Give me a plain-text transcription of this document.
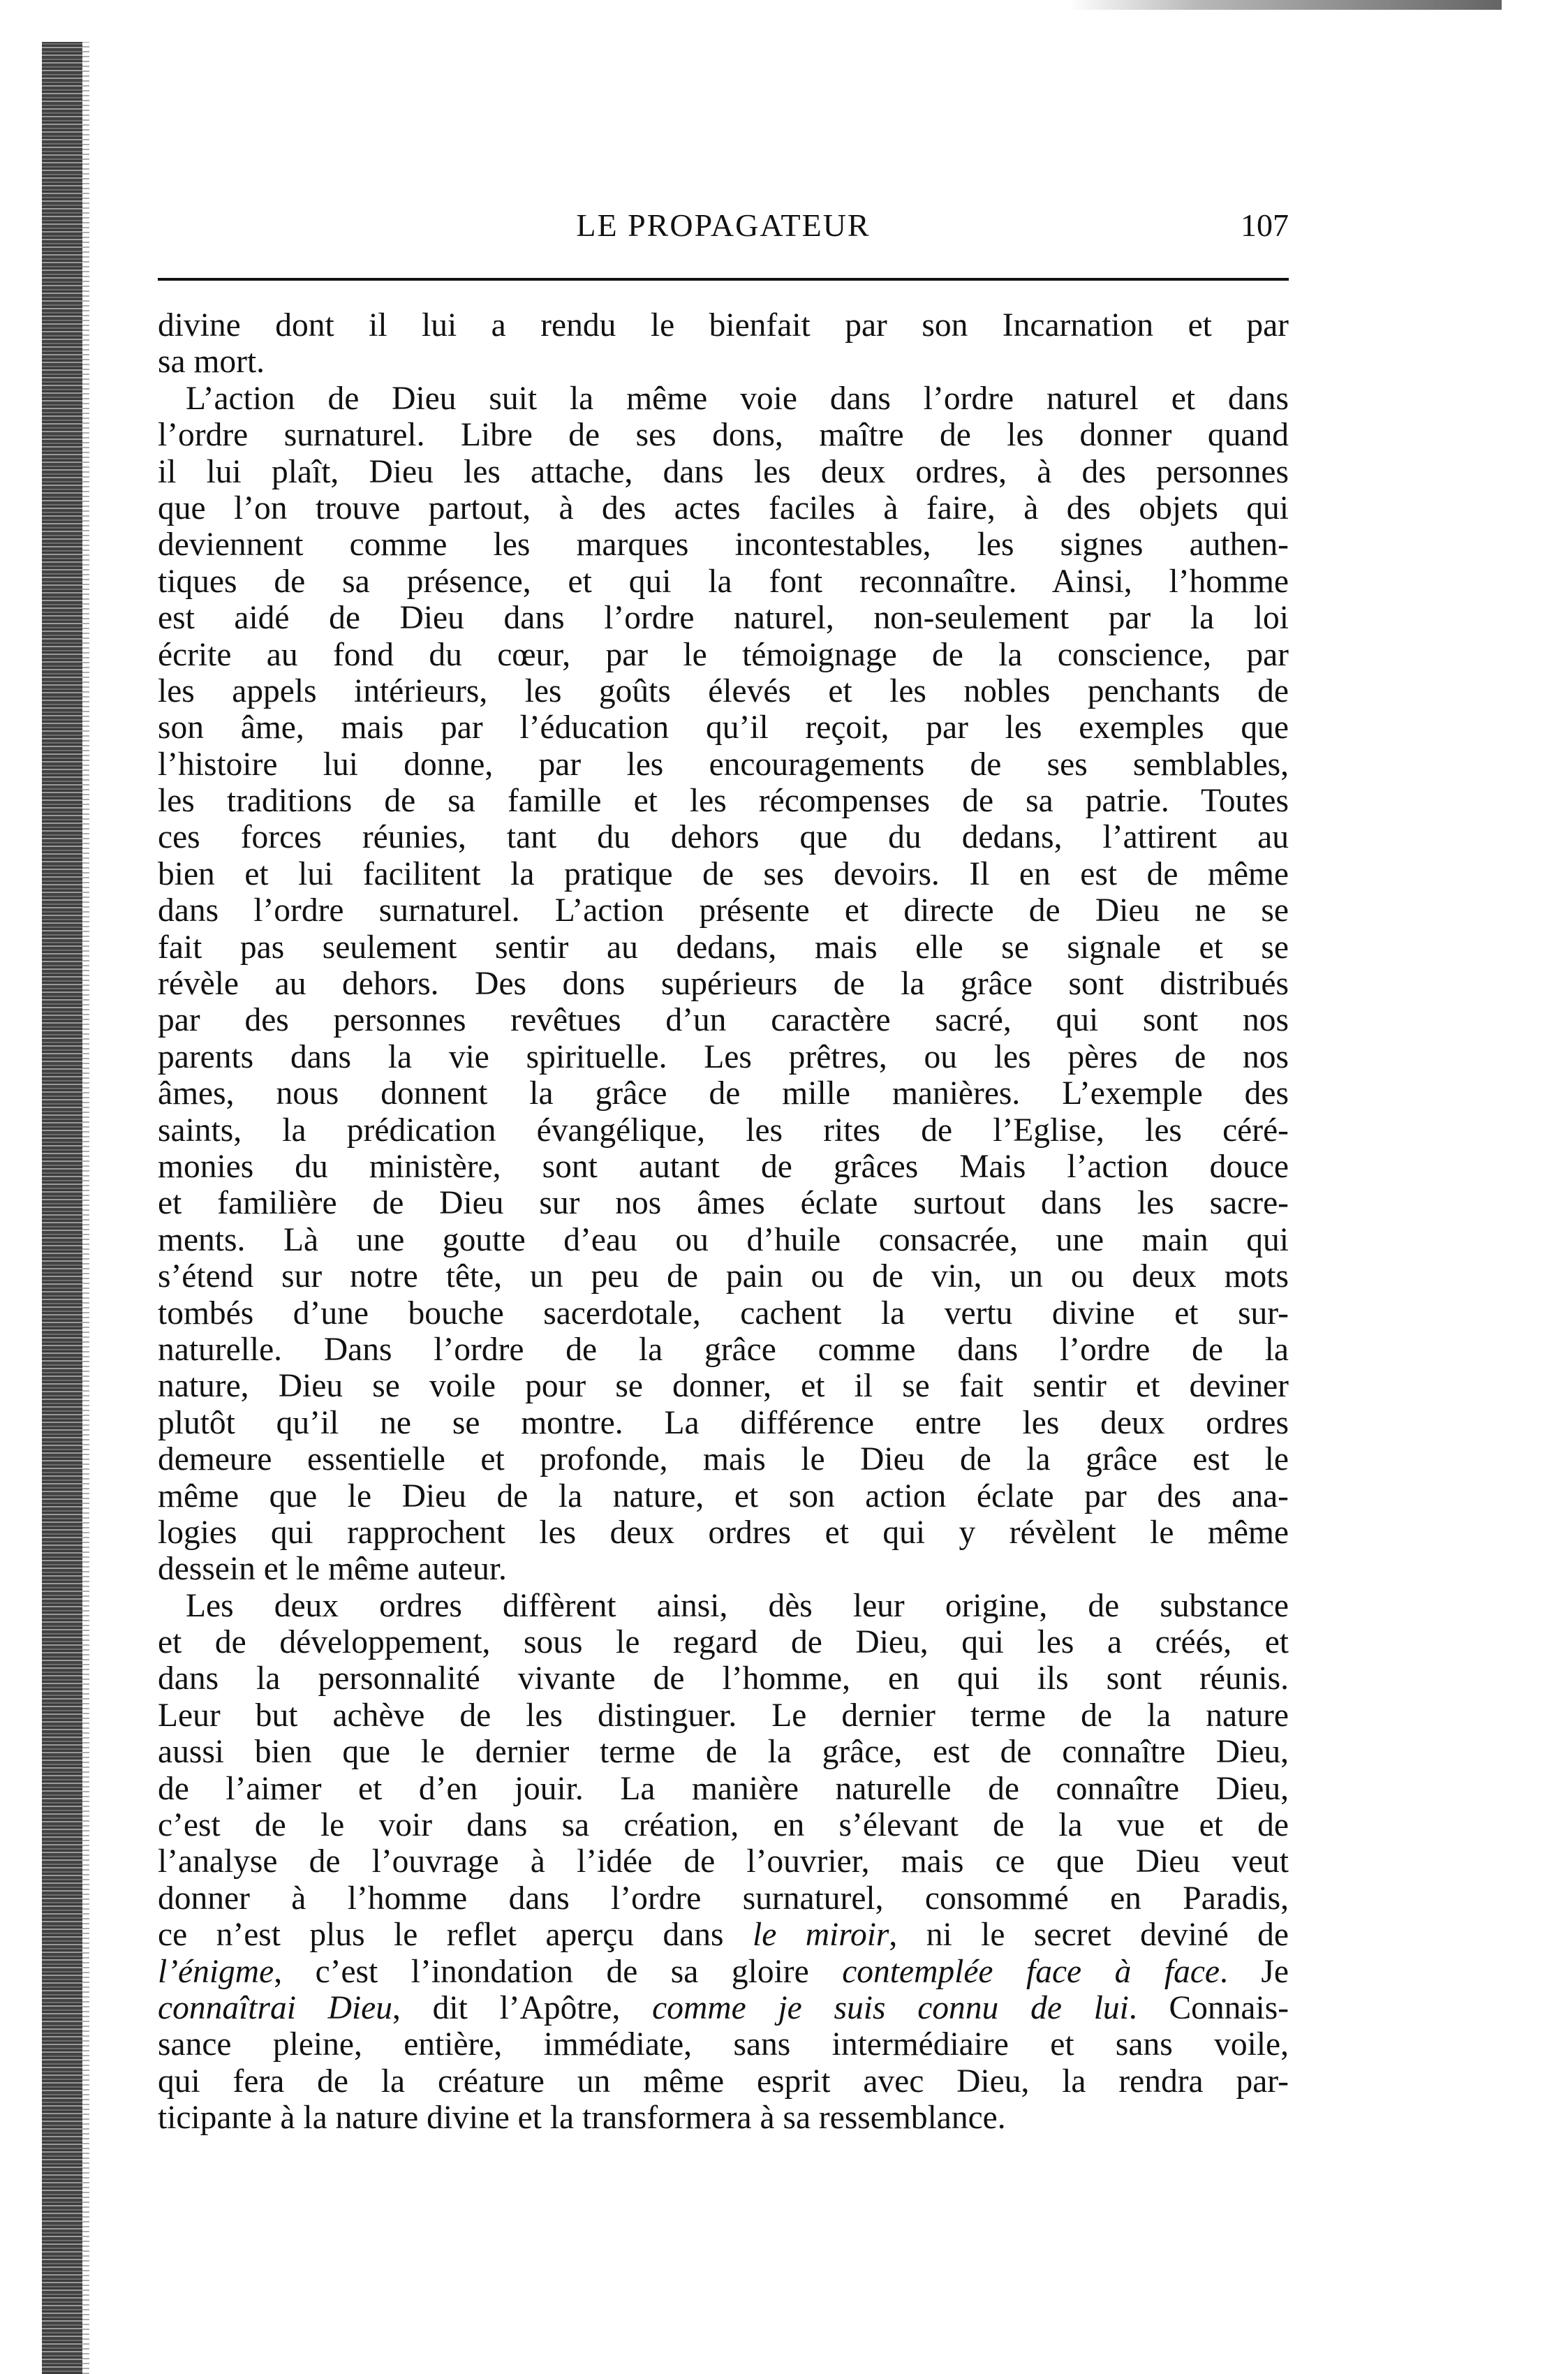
LE PROPAGATEUR	107
divine dont il lui a rendu le bienfait par son Incarnation et par
sa mort.
L’action de Dieu suit la même voie dans l’ordre naturel et dans
l’ordre surnaturel. Libre de ses dons, maître de les donner quand
il lui plaît, Dieu les attache, dans les deux ordres, à des personnes
que l’on trouve partout, à des actes faciles à faire, à des objets qui
deviennent comme les marques incontestables, les signes authen-
tiques de sa présence, et qui la font reconnaître. Ainsi, l’homme
est aidé de Dieu dans l’ordre naturel, non-seulement par la loi
écrite au fond du cœur, par le témoignage de la conscience, par
les appels intérieurs, les goûts élevés et les nobles penchants de
son âme, mais par l’éducation qu’il reçoit, par les exemples que
l’histoire lui donne, par les encouragements de ses semblables,
les traditions de sa famille et les récompenses de sa patrie. Toutes
ces forces réunies, tant du dehors que du dedans, l’attirent au
bien et lui facilitent la pratique de ses devoirs. Il en est de même
dans l’ordre surnaturel. L’action présente et directe de Dieu ne se
fait pas seulement sentir au dedans, mais elle se signale et se
révèle au dehors. Des dons supérieurs de la grâce sont distribués
par des personnes revêtues d’un caractère sacré, qui sont nos
parents dans la vie spirituelle. Les prêtres, ou les pères de nos
âmes, nous donnent la grâce de mille manières. L’exemple des
saints, la prédication évangélique, les rites de l’Eglise, les céré-
monies du ministère, sont autant de grâces Mais l’action douce
et familière de Dieu sur nos âmes éclate surtout dans les sacre-
ments. Là une goutte d’eau ou d’huile consacrée, une main qui
s’étend sur notre tête, un peu de pain ou de vin, un ou deux mots
tombés d’une bouche sacerdotale, cachent la vertu divine et sur-
naturelle. Dans l’ordre de la grâce comme dans l’ordre de la
nature, Dieu se voile pour se donner, et il se fait sentir et deviner
plutôt qu’il ne se montre. La différence entre les deux ordres
demeure essentielle et profonde, mais le Dieu de la grâce est le
même que le Dieu de la nature, et son action éclate par des ana-
logies qui rapprochent les deux ordres et qui y révèlent le même
dessein et le même auteur.
Les deux ordres diffèrent ainsi, dès leur origine, de substance
et de développement, sous le regard de Dieu, qui les a créés, et
dans la personnalité vivante de l’homme, en qui ils sont réunis.
Leur but achève de les distinguer. Le dernier terme de la nature
aussi bien que le dernier terme de la grâce, est de connaître Dieu,
de l’aimer et d’en jouir. La manière naturelle de connaître Dieu,
c’est de le voir dans sa création, en s’élevant de la vue et de
l’analyse de l’ouvrage à l’idée de l’ouvrier, mais ce que Dieu veut
donner à l’homme dans l’ordre surnaturel, consommé en Paradis,
ce n’est plus le reflet aperçu dans le miroir, ni le secret deviné de
l’énigme, c’est l’inondation de sa gloire contemplée face à face. Je
connaîtrai Dieu, dit l’Apôtre, comme je suis connu de lui. Connais-
sance pleine, entière, immédiate, sans intermédiaire et sans voile,
qui fera de la créature un même esprit avec Dieu, la rendra par-
ticipante à la nature divine et la transformera à sa ressemblance.
